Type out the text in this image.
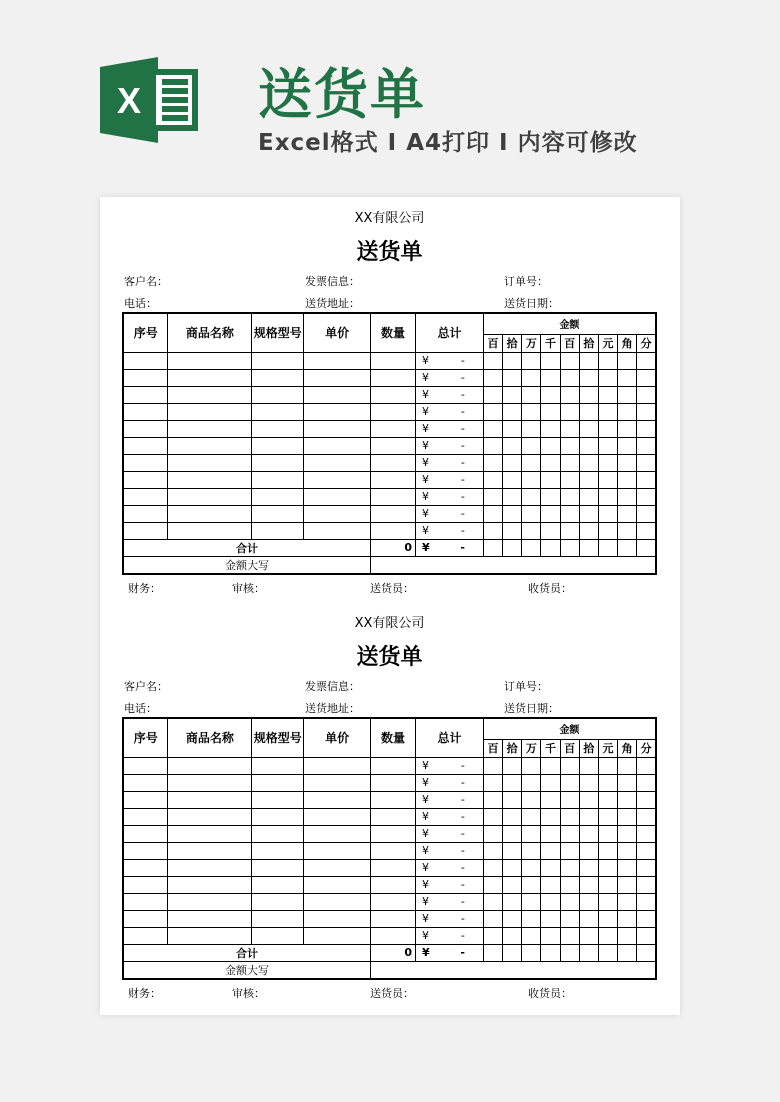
X 送货单
Excel格式 I A4打印 I 内容可修改
XX有限公司
送货单
客户名：	发票信息：	订单号：
电话：	送货地址：	送货日期：
序号	商品名称	规格型号	单价	数量	总计	金额								
						百	拾	万	千	百	拾	元	角	分
					¥ -									

					¥ -									

					¥ -									

					¥ -									

					¥ -									

					¥ -									

					¥ -									

					¥ -									

					¥ -									

					¥ -									

					¥ -									

合计				0	¥ -									

金额大写														
财务：	审核：	送货员：	收货员：
XX有限公司
送货单
客户名：	发票信息：	订单号：
电话：	送货地址：	送货日期：
序号	商品名称	规格型号	单价	数量	总计	金额								
						百	拾	万	千	百	拾	元	角	分
					¥ -									

					¥ -									

					¥ -									

					¥ -									

					¥ -									

					¥ -									

					¥ -									

					¥ -									

					¥ -									

					¥ -									

					¥ -									

合计				0	¥ -									

金额大写														
财务：	审核：	送货员：	收货员：
